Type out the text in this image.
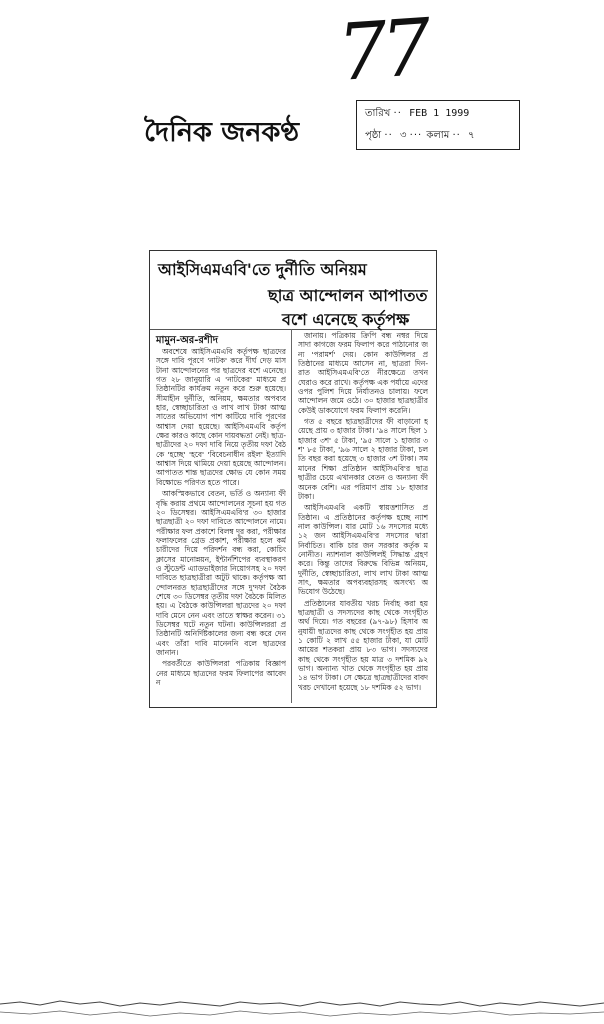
77
দৈনিক জনকণ্ঠ
তারিখ ·· FEB 1 1999
পৃষ্ঠা ·· ৩ ··· কলাম ·· ৭
আইসিএমএবি'তে দুর্নীতি অনিয়ম
ছাত্র আন্দোলন আপাতত
বশে এনেছে কর্তৃপক্ষ
মামুন-অর-রশীদ

অবশেষে আইসিএমএবি কর্তৃপক্ষ ছাত্রদের সঙ্গে দাবি পূরণে 'নাটক' করে দীর্ঘ দেড় মাস টানা আন্দোলনের পর ছাত্রদের বশে এনেছে। গত ২৮ জানুয়ারি এ 'নাটকের' মাধ্যমে প্রতিষ্ঠানটির কার্যক্রম নতুন করে শুরু হয়েছে। সীমাহীন দুর্নীতি, অনিয়ম, ক্ষমতার অপব্যবহার, স্বেচ্ছাচারিতা ও লাখ লাখ টাকা আত্মসাতের অভিযোগ পাশ কাটিয়ে দাবি পূরণের আশ্বাস দেয়া হয়েছে। আইসিএমএবি কর্তৃপক্ষের কারও কাছে কোন দায়বদ্ধতা নেই। ছাত্র-ছাত্রীদের ২০ দফা দাবি নিয়ে তৃতীয় দফা বৈঠকে 'হচ্ছে' 'হবে' 'বিবেচনাধীন রইল' ইত্যাদি আশ্বাস দিয়ে থামিয়ে দেয়া হয়েছে আন্দোলন। আপাতত শান্ত ছাত্রদের ক্ষোভ যে কোন সময় বিক্ষোভে পরিণত হতে পারে।

আকস্মিকভাবে বেতন, ভর্তি ও অন্যান্য ফী বৃদ্ধি করায় প্রথমে আন্দোলনের সূচনা হয় গত ২০ ডিসেম্বর। আইসিএমএবি'র ৩০ হাজার ছাত্রছাত্রী ২০ দফা দাবিতে আন্দোলনে নামে। পরীক্ষার ফল প্রকাশে বিলম্ব দূর করা, পরীক্ষার ফলাফলের গ্রেড প্রকাশ, পরীক্ষার হলে কর্মচারীদের দিয়ে পরিদর্শন বন্ধ করা, কোচিং ক্লাসের মানোন্নয়ন, ইন্টার্নশিপের ব্যবস্থাকরণ ও স্টুডেন্ট এ্যাডভাইজার নিয়োগসহ ২০ দফা দাবিতে ছাত্রছাত্রীরা অটুট থাকে। কর্তৃপক্ষ আন্দোলনরত ছাত্রছাত্রীদের সঙ্গে দু'দফা বৈঠক শেষে ৩০ ডিসেম্বর তৃতীয় দফা বৈঠকে মিলিত হয়। এ বৈঠকে কাউন্সিলরা ছাত্রদের ২০ দফা দাবি মেনে নেন এবং তাতে স্বাক্ষর করেন। ৩১ ডিসেম্বর ঘটে নতুন ঘটনা। কাউন্সিলররা প্রতিষ্ঠানটি অনির্দিষ্টকালের জন্য বন্ধ করে দেন এবং তাঁরা দাবি মানেননি বলে ছাত্রদের জানান।

পরবর্তীতে কাউন্সিলরা পত্রিকায় বিজ্ঞাপনের মাধ্যমে ছাত্রদের ফরম ফিলাপের আবেদন

জানায়। পত্রিকায় ক্রিপি বন্ধ নম্বর দিয়ে সাদা কাগজে ফরম ফিলাপ করে পাঠানোর জন্য 'পরামর্শ' দেয়। কোন কাউন্সিলর প্রতিষ্ঠানের মাধ্যমে আসেন না, ছাত্ররা দিন-রাত আইসিএমএবি'তে নীরক্ষেত্রে তখন ঘেরাও করে রাখে। কর্তৃপক্ষ এক পর্যায়ে এদের ওপর পুলিশ দিয়ে নির্যাতনও চালায়। ফলে আন্দোলন জমে ওঠে। ৩০ হাজার ছাত্রছাত্রীর কেউই ডাকযোগে ফরম ফিলাপ করেনি।

গত ৫ বছরে ছাত্রছাত্রীদের ফী বাড়ানো হয়েছে প্রায় ৩ হাজার টাকা। '৯৪ সালে ছিল ১ হাজার ৩শ' ৫ টাকা, '৯৫ সালে ১ হাজার ৩শ' ৮৫ টাকা, '৯৬ সালে ২ হাজার টাকা, চলতি বছর করা হয়েছে ৩ হাজার ৩শ টাকা। সমমানের শিক্ষা প্রতিষ্ঠান আইসিএবি'র ছাত্রছাত্রীর চেয়ে এখানকার বেতন ও অন্যান্য ফী অনেক বেশি। এর পরিমাণ প্রায় ১৮ হাজার টাকা।

আইসিএমএবি একটি স্বায়ত্তশাসিত প্রতিষ্ঠান। এ প্রতিষ্ঠানের কর্তৃপক্ষ হচ্ছে ন্যাশনাল কাউন্সিল। যার মোট ১৬ সদস্যের মধ্যে ১২ জন আইসিএমএবি'র সদস্যের দ্বারা নির্বাচিত। বাকি চার জন সরকার কর্তৃক মনোনীত। ন্যাশনাল কাউন্সিলই সিদ্ধান্ত গ্রহণ করে। কিন্তু তাদের বিরুদ্ধে বিভিন্ন অনিয়ম, দুর্নীতি, স্বেচ্ছাচারিতা, লাখ লাখ টাকা আত্মসাৎ, ক্ষমতার অপব্যবহারসহ অসংখ্য অভিযোগ উঠেছে।

প্রতিষ্ঠানের যাবতীয় খরচ নির্বাহ করা হয় ছাত্রছাত্রী ও সদস্যদের কাছ থেকে সংগৃহীত অর্থ দিয়ে। গত বছরের (৯৭-৯৮) হিসাব অনুযায়ী ছাত্রদের কাছ থেকে সংগৃহীত হয় প্রায় ১ কোটি ২ লাখ ৫৫ হাজার টাকা, যা মোট আয়ের শতকরা প্রায় ৮৩ ভাগ। সদস্যদের কাছ থেকে সংগৃহীত হয় মাত্র ৩ দশমিক ৯২ ভাগ। অন্যান্য খাত থেকে সংগৃহীত হয় প্রায় ১৪ ভাগ টাকা। সে ক্ষেত্রে ছাত্রছাত্রীদের বাবদ খরচ দেখানো হয়েছে ১৮ দশমিক ৫২ ভাগ।
